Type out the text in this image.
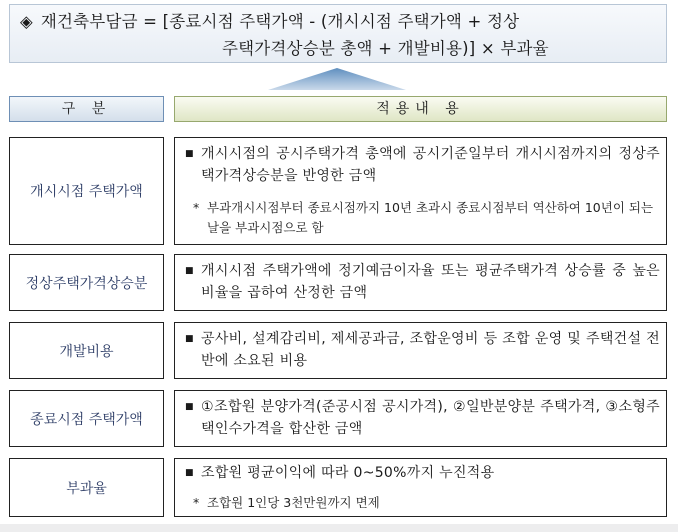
◈ 재건축부담금 = [종료시점 주택가액 - (개시시점 주택가액 + 정상
주택가격상승분 총액 + 개발비용)] × 부과율
구 분	적용내 용
개시시점 주택가액
■ 개시시점의 공시주택가격 총액에 공시기준일부터 개시시점까지의 정상주택가격상승분을 반영한 금액
* 부과개시시점부터 종료시점까지 10년 초과시 종료시점부터 역산하여 10년이 되는 날을 부과시점으로 함
정상주택가격상승분
■ 개시시점 주택가액에 정기예금이자율 또는 평균주택가격 상승률 중 높은 비율을 곱하여 산정한 금액
개발비용
■ 공사비, 설계감리비, 제세공과금, 조합운영비 등 조합 운영 및 주택건설 전반에 소요된 비용
종료시점 주택가액
■ ①조합원 분양가격(준공시점 공시가격), ②일반분양분 주택가격, ③소형주택인수가격을 합산한 금액
부과율
■ 조합원 평균이익에 따라 0~50%까지 누진적용
* 조합원 1인당 3천만원까지 면제
